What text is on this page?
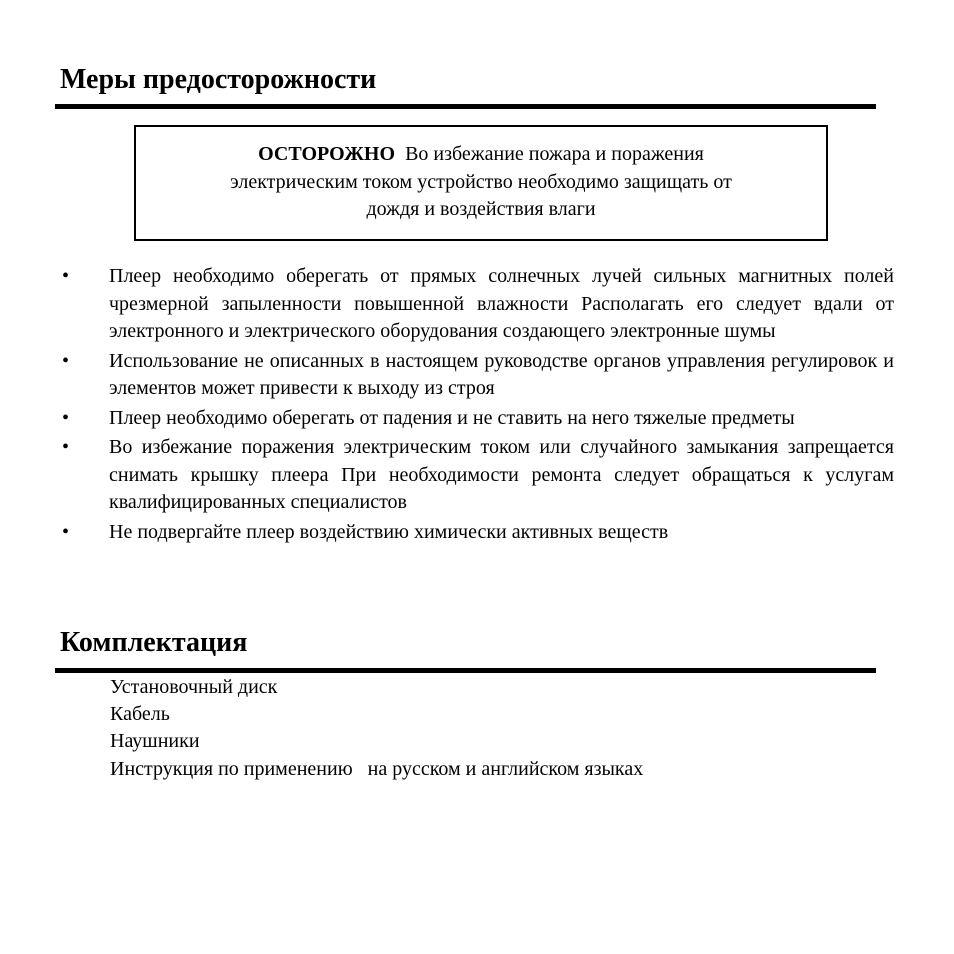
Меры предосторожности
ОСТОРОЖНО Во избежание пожара и поражения
электрическим током устройство необходимо защищать от
дождя и воздействия влаги
• Плеер необходимо оберегать от прямых солнечных лучей сильных магнитных полей чрезмерной запыленности повышенной влажности Располагать его следует вдали от электронного и электрического оборудования создающего электронные шумы
• Использование не описанных в настоящем руководстве органов управления регулировок и элементов может привести к выходу из строя
• Плеер необходимо оберегать от падения и не ставить на него тяжелые предметы
• Во избежание поражения электрическим током или случайного замыкания запрещается снимать крышку плеера При необходимости ремонта следует обращаться к услугам квалифицированных специалистов
• Не подвергайте плеер воздействию химически активных веществ
Комплектация
Установочный диск
Кабель
Наушники
Инструкция по применению   на русском и английском языках
